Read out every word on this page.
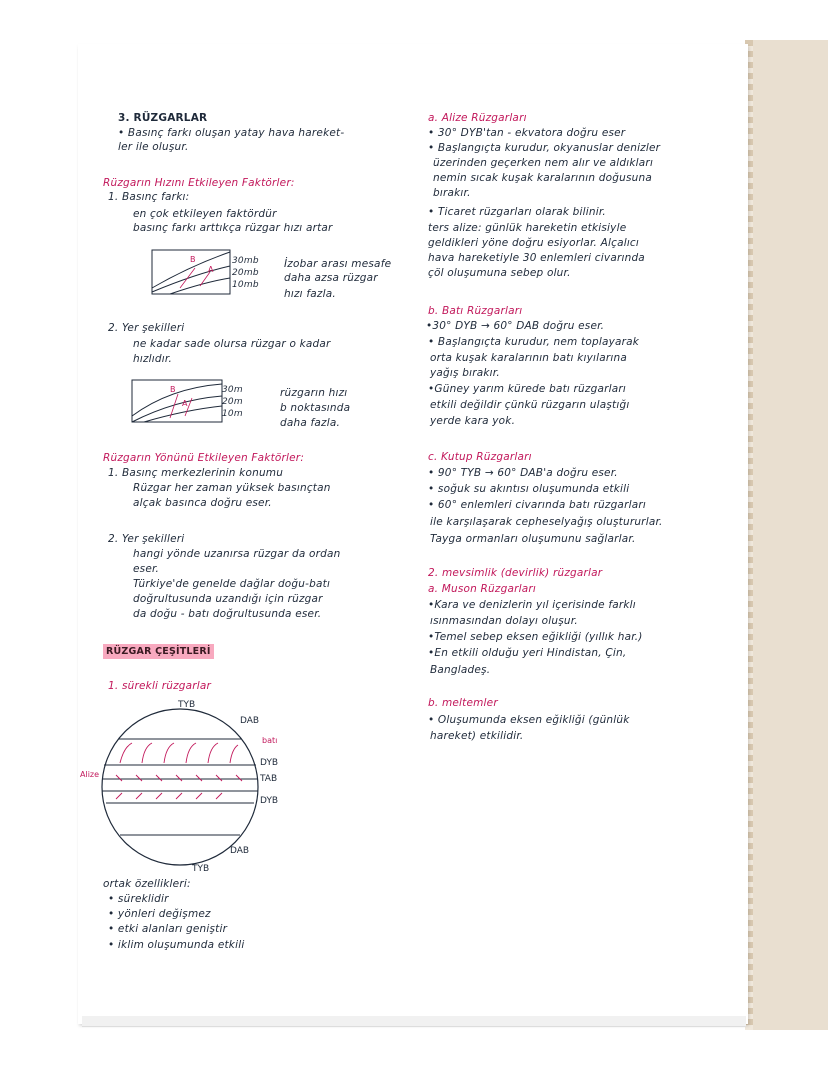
3. RÜZGARLAR
• Basınç farkı oluşan yatay hava hareket-
ler ile oluşur.
Rüzgarın Hızını Etkileyen Faktörler:
1. Basınç farkı:
en çok etkileyen faktördür
basınç farkı arttıkça rüzgar hızı artar
B
A
30mb
20mb
10mb
İzobar arası mesafe
daha azsa rüzgar
hızı fazla.
2. Yer şekilleri
ne kadar sade olursa rüzgar o kadar
hızlıdır.
B
A
30m
20m
10m
rüzgarın hızı
b noktasında
daha fazla.
Rüzgarın Yönünü Etkileyen Faktörler:
1. Basınç merkezlerinin konumu
Rüzgar her zaman yüksek basınçtan
alçak basınca doğru eser.
2. Yer şekilleri
hangi yönde uzanırsa rüzgar da ordan
eser.
Türkiye'de genelde dağlar doğu-batı
doğrultusunda uzandığı için rüzgar
da doğu - batı doğrultusunda eser.
RÜZGAR ÇEŞİTLERİ
1. sürekli rüzgarlar
TYB
DAB
batı
DYB
TAB
DYB
Alize
DAB
TYB
ortak özellikleri:
• süreklidir
• yönleri değişmez
• etki alanları geniştir
• iklim oluşumunda etkili
a. Alize Rüzgarları
• 30° DYB'tan - ekvatora doğru eser
• Başlangıçta kurudur, okyanuslar denizler
üzerinden geçerken nem alır ve aldıkları
nemin sıcak kuşak karalarının doğusuna
bırakır.
• Ticaret rüzgarları olarak bilinir.
ters alize: günlük hareketin etkisiyle
geldikleri yöne doğru esiyorlar. Alçalıcı
hava hareketiyle 30 enlemleri civarında
çöl oluşumuna sebep olur.
b. Batı Rüzgarları
•30° DYB → 60° DAB doğru eser.
• Başlangıçta kurudur, nem toplayarak
orta kuşak karalarının batı kıyılarına
yağış bırakır.
•Güney yarım kürede batı rüzgarları
etkili değildir çünkü rüzgarın ulaştığı
yerde kara yok.
c. Kutup Rüzgarları
• 90° TYB → 60° DAB'a doğru eser.
• soğuk su akıntısı oluşumunda etkili
• 60° enlemleri civarında batı rüzgarları
ile karşılaşarak cepheselyağış oluştururlar.
Tayga ormanları oluşumunu sağlarlar.
2. mevsimlik (devirlik) rüzgarlar
a. Muson Rüzgarları
•Kara ve denizlerin yıl içerisinde farklı
ısınmasından dolayı oluşur.
•Temel sebep eksen eğikliği (yıllık har.)
•En etkili olduğu yeri Hindistan, Çin,
Bangladeş.
b. meltemler
• Oluşumunda eksen eğikliği (günlük
hareket) etkilidir.
